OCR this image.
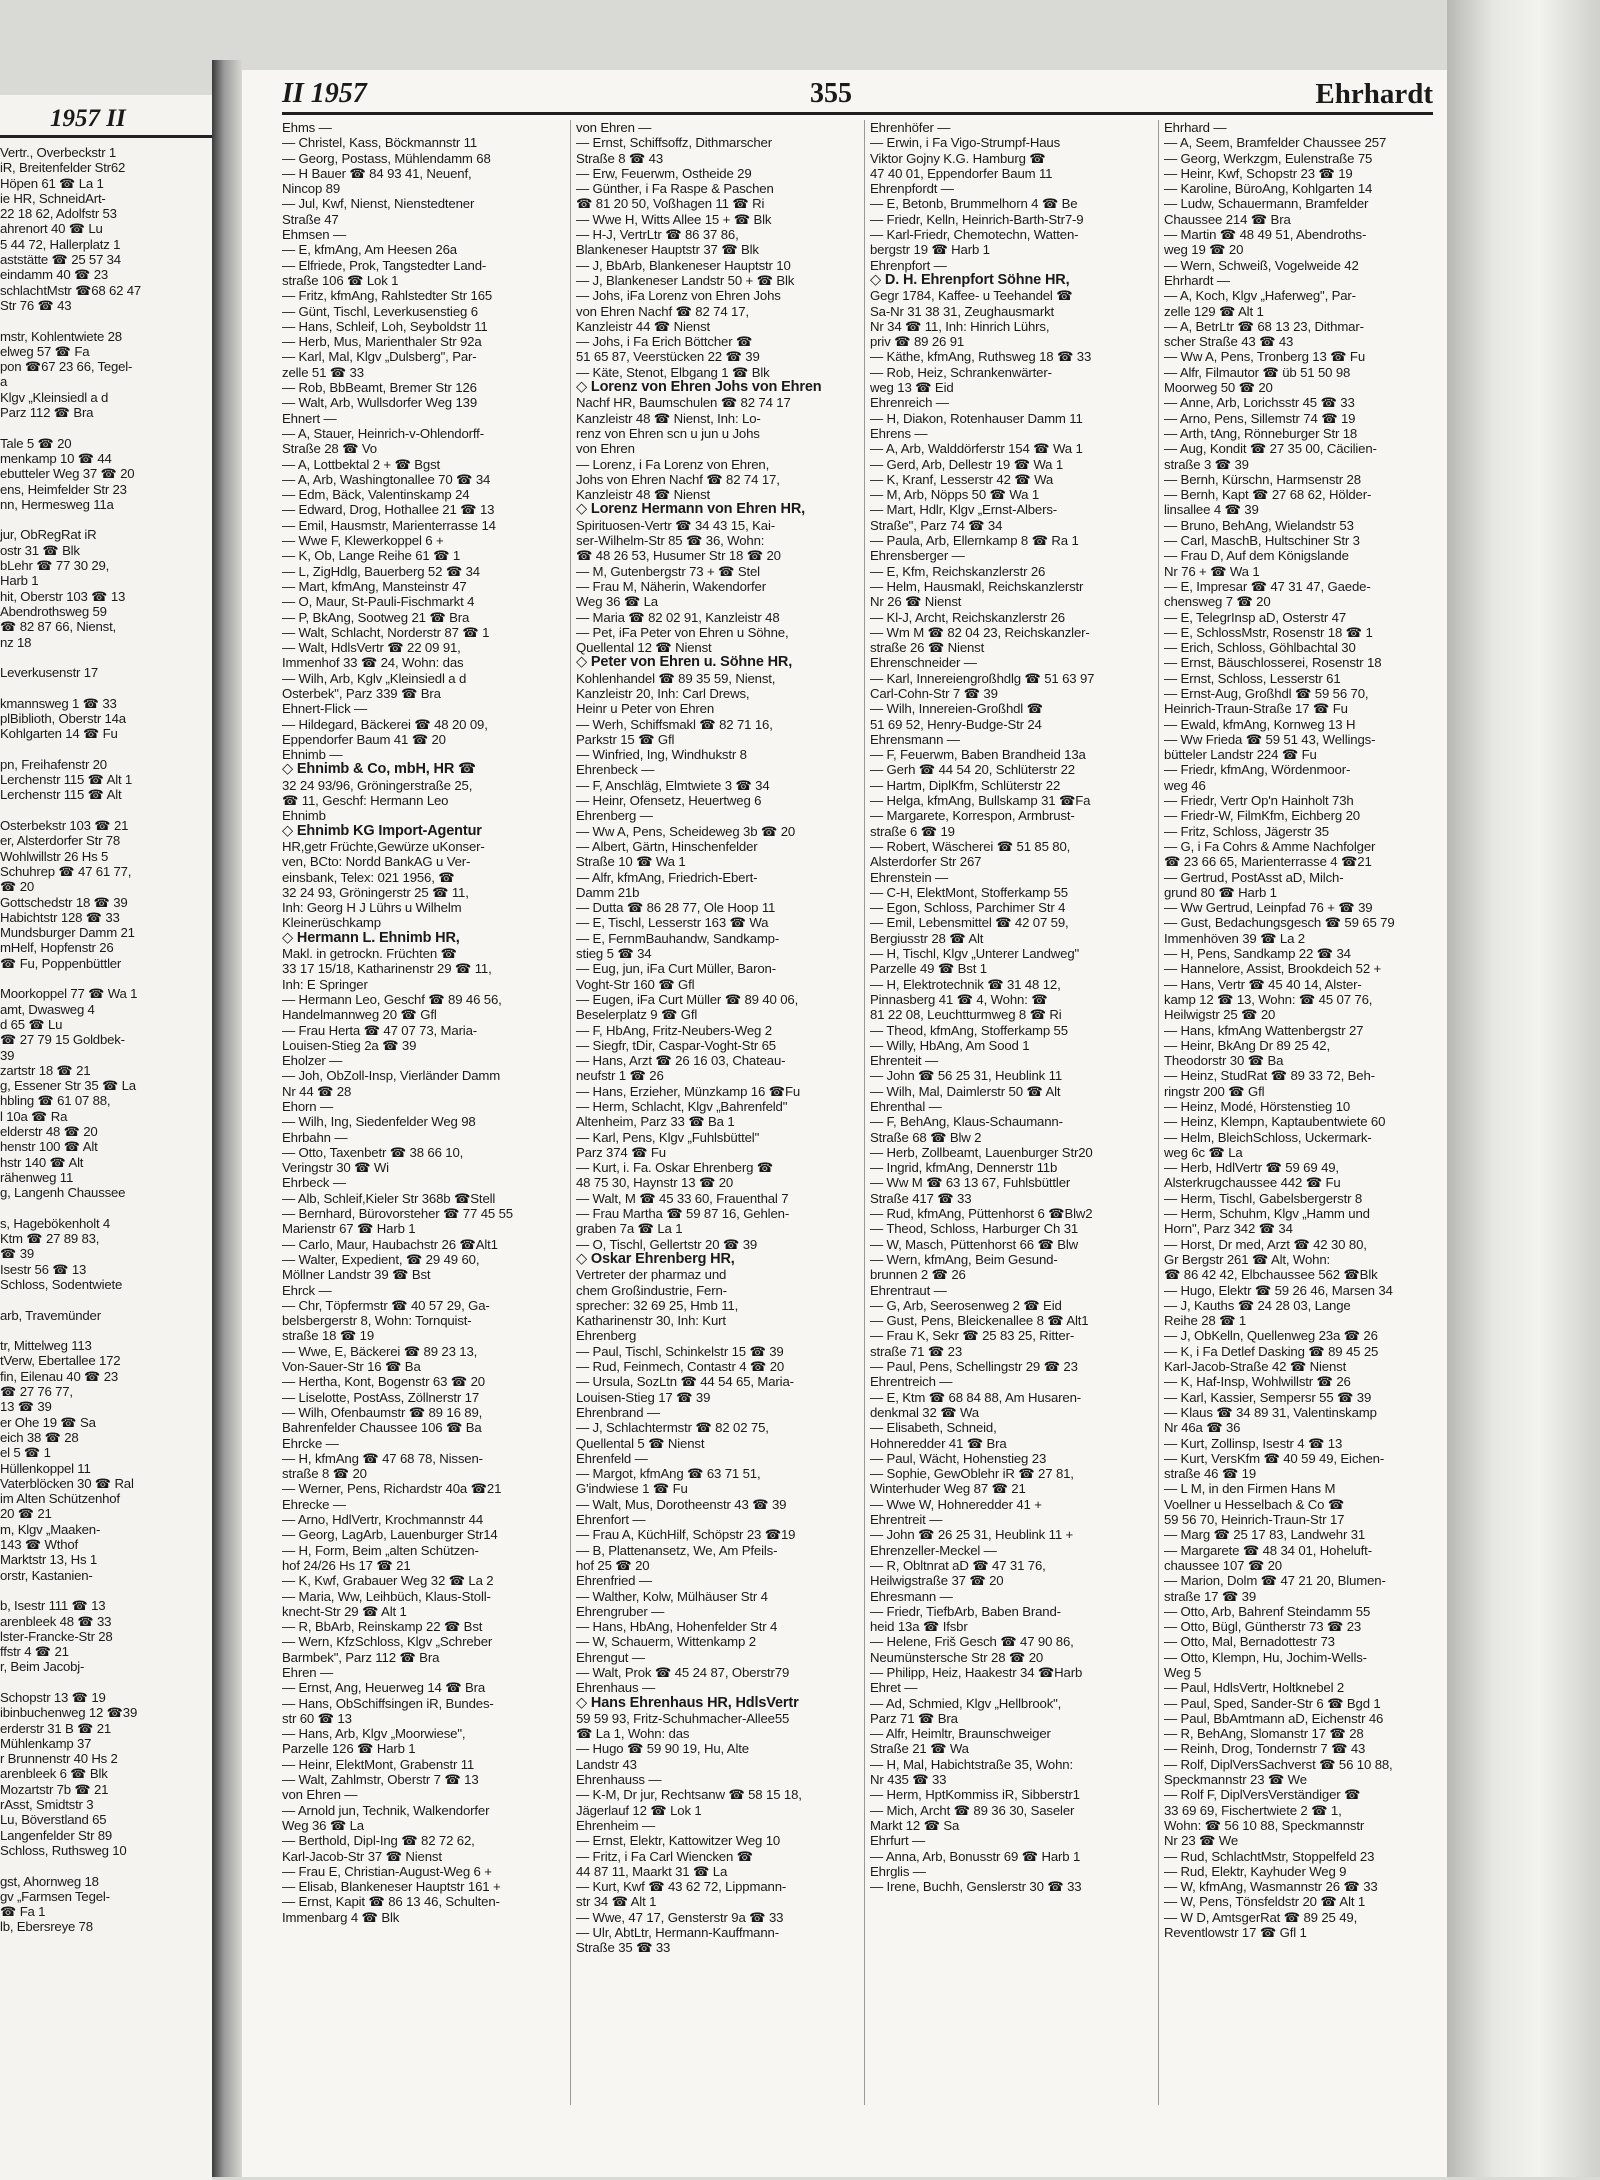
1957 II
Vertr., Overbeckstr 1
iR, Breitenfelder Str62
Höpen 61 ☎ La 1
ie HR, SchneidArt-
22 18 62, Adolfstr 53
ahrenort 40 ☎ Lu
5 44 72, Hallerplatz 1
aststätte ☎ 25 57 34
eindamm 40 ☎ 23
schlachtMstr ☎68 62 47
Str 76 ☎ 43

mstr, Kohlentwiete 28
elweg 57 ☎ Fa
pon ☎67 23 66, Tegel-
a
Klgv „Kleinsiedl a d
Parz 112 ☎ Bra

Tale 5 ☎ 20
menkamp 10 ☎ 44
ebutteler Weg 37 ☎ 20
ens, Heimfelder Str 23
nn, Hermesweg 11a

jur, ObRegRat iR
ostr 31 ☎ Blk
bLehr ☎ 77 30 29,
Harb 1
hit, Oberstr 103 ☎ 13
Abendrothsweg 59
☎ 82 87 66, Nienst,
nz 18

Leverkusenstr 17

kmannsweg 1 ☎ 33
plBiblioth, Oberstr 14a
Kohlgarten 14 ☎ Fu

pn, Freihafenstr 20
Lerchenstr 115 ☎ Alt 1
Lerchenstr 115 ☎ Alt

Osterbekstr 103 ☎ 21
er, Alsterdorfer Str 78
Wohlwillstr 26 Hs 5
Schuhrep ☎ 47 61 77,
☎ 20
Gottschedstr 18 ☎ 39
Habichtstr 128 ☎ 33
Mundsburger Damm 21
mHelf, Hopfenstr 26
☎ Fu, Poppenbüttler

Moorkoppel 77 ☎ Wa 1
amt, Dwasweg 4
d 65 ☎ Lu
☎ 27 79 15 Goldbek-
39
zartstr 18 ☎ 21
g, Essener Str 35 ☎ La
hbling ☎ 61 07 88,
l 10a ☎ Ra
elderstr 48 ☎ 20
henstr 100 ☎ Alt
hstr 140 ☎ Alt
rähenweg 11
g, Langenh Chaussee

s, Hagebökenholt 4
Ktm ☎ 27 89 83,
☎ 39
Isestr 56 ☎ 13
Schloss, Sodentwiete

arb, Travemünder

tr, Mittelweg 113
tVerw, Ebertallee 172
fin, Eilenau 40 ☎ 23
☎ 27 76 77,
13 ☎ 39
er Ohe 19 ☎ Sa
eich 38 ☎ 28
el 5 ☎ 1
Hüllenkoppel 11
Vaterblöcken 30 ☎ Ral
im Alten Schützenhof
20 ☎ 21
m, Klgv „Maaken-
143 ☎ Wthof
Marktstr 13, Hs 1
orstr, Kastanien-

b, Isestr 111 ☎ 13
arenbleek 48 ☎ 33
lster-Francke-Str 28
ffstr 4 ☎ 21
r, Beim Jacobj-

Schopstr 13 ☎ 19
ibinbuchenweg 12 ☎39
erderstr 31 B ☎ 21
Mühlenkamp 37
r Brunnenstr 40 Hs 2
arenbleek 6 ☎ Blk
Mozartstr 7b ☎ 21
rAsst, Smidtstr 3
Lu, Böverstland 65
Langenfelder Str 89
Schloss, Ruthsweg 10

gst, Ahornweg 18
gv „Farmsen Tegel-
☎ Fa 1
lb, Ebersreye 78
II 1957	355	Ehrhardt
Ehms —
— Christel, Kass, Böckmannstr 11
— Georg, Postass, Mühlendamm 68
— H Bauer ☎ 84 93 41, Neuenf,
Nincop 89
— Jul, Kwf, Nienst, Nienstedtener
Straße 47
Ehmsen —
— E, kfmAng, Am Heesen 26a
— Elfriede, Prok, Tangstedter Land-
straße 106 ☎ Lok 1
— Fritz, kfmAng, Rahlstedter Str 165
— Günt, Tischl, Leverkusenstieg 6
— Hans, Schleif, Loh, Seyboldstr 11
— Herb, Mus, Marienthaler Str 92a
— Karl, Mal, Klgv „Dulsberg", Par-
zelle 51 ☎ 33
— Rob, BbBeamt, Bremer Str 126
— Walt, Arb, Wullsdorfer Weg 139
Ehnert —
— A, Stauer, Heinrich-v-Ohlendorff-
Straße 28 ☎ Vo
— A, Lottbektal 2 + ☎ Bgst
— A, Arb, Washingtonallee 70 ☎ 34
— Edm, Bäck, Valentinskamp 24
— Edward, Drog, Hothallee 21 ☎ 13
— Emil, Hausmstr, Marienterrasse 14
— Wwe F, Klewerkoppel 6 +
— K, Ob, Lange Reihe 61 ☎ 1
— L, ZigHdlg, Bauerberg 52 ☎ 34
— Mart, kfmAng, Mansteinstr 47
— O, Maur, St-Pauli-Fischmarkt 4
— P, BkAng, Sootweg 21 ☎ Bra
— Walt, Schlacht, Norderstr 87 ☎ 1
— Walt, HdlsVertr ☎ 22 09 91,
Immenhof 33 ☎ 24, Wohn: das
— Wilh, Arb, Kglv „Kleinsiedl a d
Osterbek", Parz 339 ☎ Bra
Ehnert-Flick —
— Hildegard, Bäckerei ☎ 48 20 09,
Eppendorfer Baum 41 ☎ 20
Ehnimb —
◇ Ehnimb & Co, mbH, HR ☎
32 24 93/96, Gröningerstraße 25,
☎ 11, Geschf: Hermann Leo
Ehnimb
◇ Ehnimb KG Import-Agentur
HR,getr Früchte,Gewürze uKonser-
ven, BCto: Nordd BankAG u Ver-
einsbank, Telex: 021 1956, ☎
32 24 93, Gröningerstr 25 ☎ 11,
Inh: Georg H J Lührs u Wilhelm
Kleinerüschkamp
◇ Hermann L. Ehnimb HR,
Makl. in getrockn. Früchten ☎
33 17 15/18, Katharinenstr 29 ☎ 11,
Inh: E Springer
— Hermann Leo, Geschf ☎ 89 46 56,
Handelmannweg 20 ☎ Gfl
— Frau Herta ☎ 47 07 73, Maria-
Louisen-Stieg 2a ☎ 39
Eholzer —
— Joh, ObZoll-Insp, Vierländer Damm
Nr 44 ☎ 28
Ehorn —
— Wilh, Ing, Siedenfelder Weg 98
Ehrbahn —
— Otto, Taxenbetr ☎ 38 66 10,
Veringstr 30 ☎ Wi
Ehrbeck —
— Alb, Schleif,Kieler Str 368b ☎Stell
— Bernhard, Bürovorsteher ☎ 77 45 55
Marienstr 67 ☎ Harb 1
— Carlo, Maur, Haubachstr 26 ☎Alt1
— Walter, Expedient, ☎ 29 49 60,
Möllner Landstr 39 ☎ Bst
Ehrck —
— Chr, Töpfermstr ☎ 40 57 29, Ga-
belsbergerstr 8, Wohn: Tornquist-
straße 18 ☎ 19
— Wwe, E, Bäckerei ☎ 89 23 13,
Von-Sauer-Str 16 ☎ Ba
— Hertha, Kont, Bogenstr 63 ☎ 20
— Liselotte, PostAss, Zöllnerstr 17
— Wilh, Ofenbaumstr ☎ 89 16 89,
Bahrenfelder Chaussee 106 ☎ Ba
Ehrcke —
— H, kfmAng ☎ 47 68 78, Nissen-
straße 8 ☎ 20
— Werner, Pens, Richardstr 40a ☎21
Ehrecke —
— Arno, HdlVertr, Krochmannstr 44
— Georg, LagArb, Lauenburger Str14
— H, Form, Beim „alten Schützen-
hof 24/26 Hs 17 ☎ 21
— K, Kwf, Grabauer Weg 32 ☎ La 2
— Maria, Ww, Leihbüch, Klaus-Stoll-
knecht-Str 29 ☎ Alt 1
— R, BbArb, Reinskamp 22 ☎ Bst
— Wern, KfzSchloss, Klgv „Schreber
Barmbek", Parz 112 ☎ Bra
Ehren —
— Ernst, Ang, Heuerweg 14 ☎ Bra
— Hans, ObSchiffsingen iR, Bundes-
str 60 ☎ 13
— Hans, Arb, Klgv „Moorwiese",
Parzelle 126 ☎ Harb 1
— Heinr, ElektMont, Grabenstr 11
— Walt, Zahlmstr, Oberstr 7 ☎ 13
von Ehren —
— Arnold jun, Technik, Walkendorfer
Weg 36 ☎ La
— Berthold, Dipl-Ing ☎ 82 72 62,
Karl-Jacob-Str 37 ☎ Nienst
— Frau E, Christian-August-Weg 6 +
— Elisab, Blankeneser Hauptstr 161 +
— Ernst, Kapit ☎ 86 13 46, Schulten-
Immenbarg 4 ☎ Blk
von Ehren —
— Ernst, Schiffsoffz, Dithmarscher
Straße 8 ☎ 43
— Erw, Feuerwm, Ostheide 29
— Günther, i Fa Raspe & Paschen
☎ 81 20 50, Voßhagen 11 ☎ Ri
— Wwe H, Witts Allee 15 + ☎ Blk
— H-J, VertrLtr ☎ 86 37 86,
Blankeneser Hauptstr 37 ☎ Blk
— J, BbArb, Blankeneser Hauptstr 10
— J, Blankeneser Landstr 50 + ☎ Blk
— Johs, iFa Lorenz von Ehren Johs
von Ehren Nachf ☎ 82 74 17,
Kanzleistr 44 ☎ Nienst
— Johs, i Fa Erich Böttcher ☎
51 65 87, Veerstücken 22 ☎ 39
— Käte, Stenot, Elbgang 1 ☎ Blk
◇ Lorenz von Ehren Johs von Ehren
Nachf HR, Baumschulen ☎ 82 74 17
Kanzleistr 48 ☎ Nienst, Inh: Lo-
renz von Ehren scn u jun u Johs
von Ehren
— Lorenz, i Fa Lorenz von Ehren,
Johs von Ehren Nachf ☎ 82 74 17,
Kanzleistr 48 ☎ Nienst
◇ Lorenz Hermann von Ehren HR,
Spirituosen-Vertr ☎ 34 43 15, Kai-
ser-Wilhelm-Str 85 ☎ 36, Wohn:
☎ 48 26 53, Husumer Str 18 ☎ 20
— M, Gutenbergstr 73 + ☎ Stel
— Frau M, Näherin, Wakendorfer
Weg 36 ☎ La
— Maria ☎ 82 02 91, Kanzleistr 48
— Pet, iFa Peter von Ehren u Söhne,
Quellental 12 ☎ Nienst
◇ Peter von Ehren u. Söhne HR,
Kohlenhandel ☎ 89 35 59, Nienst,
Kanzleistr 20, Inh: Carl Drews,
Heinr u Peter von Ehren
— Werh, Schiffsmakl ☎ 82 71 16,
Parkstr 15 ☎ Gfl
— Winfried, Ing, Windhukstr 8
Ehrenbeck —
— F, Anschläg, Elmtwiete 3 ☎ 34
— Heinr, Ofensetz, Heuertweg 6
Ehrenberg —
— Ww A, Pens, Scheideweg 3b ☎ 20
— Albert, Gärtn, Hinschenfelder
Straße 10 ☎ Wa 1
— Alfr, kfmAng, Friedrich-Ebert-
Damm 21b
— Dutta ☎ 86 28 77, Ole Hoop 11
— E, Tischl, Lesserstr 163 ☎ Wa
— E, FernmBauhandw, Sandkamp-
stieg 5 ☎ 34
— Eug, jun, iFa Curt Müller, Baron-
Voght-Str 160 ☎ Gfl
— Eugen, iFa Curt Müller ☎ 89 40 06,
Beselerplatz 9 ☎ Gfl
— F, HbAng, Fritz-Neubers-Weg 2
— Siegfr, tDir, Caspar-Voght-Str 65
— Hans, Arzt ☎ 26 16 03, Chateau-
neufstr 1 ☎ 26
— Hans, Erzieher, Münzkamp 16 ☎Fu
— Herm, Schlacht, Klgv „Bahrenfeld"
Altenheim, Parz 33 ☎ Ba 1
— Karl, Pens, Klgv „Fuhlsbüttel"
Parz 374 ☎ Fu
— Kurt, i. Fa. Oskar Ehrenberg ☎
48 75 30, Haynstr 13 ☎ 20
— Walt, M ☎ 45 33 60, Frauenthal 7
— Frau Martha ☎ 59 87 16, Gehlen-
graben 7a ☎ La 1
— O, Tischl, Gellertstr 20 ☎ 39
◇ Oskar Ehrenberg HR,
Vertreter der pharmaz und
chem Großindustrie, Fern-
sprecher: 32 69 25, Hmb 11,
Katharinenstr 30, Inh: Kurt
Ehrenberg
— Paul, Tischl, Schinkelstr 15 ☎ 39
— Rud, Feinmech, Contastr 4 ☎ 20
— Ursula, SozLtn ☎ 44 54 65, Maria-
Louisen-Stieg 17 ☎ 39
Ehrenbrand —
— J, Schlachtermstr ☎ 82 02 75,
Quellental 5 ☎ Nienst
Ehrenfeld —
— Margot, kfmAng ☎ 63 71 51,
G'indwiese 1 ☎ Fu
— Walt, Mus, Dorotheenstr 43 ☎ 39
Ehrenfort —
— Frau A, KüchHilf, Schöpstr 23 ☎19
— B, Plattenansetz, We, Am Pfeils-
hof 25 ☎ 20
Ehrenfried —
— Walther, Kolw, Mülhäuser Str 4
Ehrengruber —
— Hans, HbAng, Hohenfelder Str 4
— W, Schauerm, Wittenkamp 2
Ehrengut —
— Walt, Prok ☎ 45 24 87, Oberstr79
Ehrenhaus —
◇ Hans Ehrenhaus HR, HdlsVertr
59 59 93, Fritz-Schuhmacher-Allee55
☎ La 1, Wohn: das
— Hugo ☎ 59 90 19, Hu, Alte
Landstr 43
Ehrenhauss —
— K-M, Dr jur, Rechtsanw ☎ 58 15 18,
Jägerlauf 12 ☎ Lok 1
Ehrenheim —
— Ernst, Elektr, Kattowitzer Weg 10
— Fritz, i Fa Carl Wiencken ☎
44 87 11, Maarkt 31 ☎ La
— Kurt, Kwf ☎ 43 62 72, Lippmann-
str 34 ☎ Alt 1
— Wwe, 47 17, Gensterstr 9a ☎ 33
— Ulr, AbtLtr, Hermann-Kauffmann-
Straße 35 ☎ 33
Ehrenhöfer —
— Erwin, i Fa Vigo-Strumpf-Haus
Viktor Gojny K.G. Hamburg ☎
47 40 01, Eppendorfer Baum 11
Ehrenpfordt —
— E, Betonb, Brummelhorn 4 ☎ Be
— Friedr, Kelln, Heinrich-Barth-Str7-9
— Karl-Friedr, Chemotechn, Watten-
bergstr 19 ☎ Harb 1
Ehrenpfort —
◇ D. H. Ehrenpfort Söhne HR,
Gegr 1784, Kaffee- u Teehandel ☎
Sa-Nr 31 38 31, Zeughausmarkt
Nr 34 ☎ 11, Inh: Hinrich Lührs,
priv ☎ 89 26 91
— Käthe, kfmAng, Ruthsweg 18 ☎ 33
— Rob, Heiz, Schrankenwärter-
weg 13 ☎ Eid
Ehrenreich —
— H, Diakon, Rotenhauser Damm 11
Ehrens —
— A, Arb, Walddörferstr 154 ☎ Wa 1
— Gerd, Arb, Dellestr 19 ☎ Wa 1
— K, Kranf, Lesserstr 42 ☎ Wa
— M, Arb, Nöpps 50 ☎ Wa 1
— Mart, Hdlr, Klgv „Ernst-Albers-
Straße", Parz 74 ☎ 34
— Paula, Arb, Ellernkamp 8 ☎ Ra 1
Ehrensberger —
— E, Kfm, Reichskanzlerstr 26
— Helm, Hausmakl, Reichskanzlerstr
Nr 26 ☎ Nienst
— Kl-J, Archt, Reichskanzlerstr 26
— Wm M ☎ 82 04 23, Reichskanzler-
straße 26 ☎ Nienst
Ehrenschneider —
— Karl, Innereiengroßhdlg ☎ 51 63 97
Carl-Cohn-Str 7 ☎ 39
— Wilh, Innereien-Großhdl ☎
51 69 52, Henry-Budge-Str 24
Ehrensmann —
— F, Feuerwm, Baben Brandheid 13a
— Gerh ☎ 44 54 20, Schlüterstr 22
— Hartm, DiplKfm, Schlüterstr 22
— Helga, kfmAng, Bullskamp 31 ☎Fa
— Margarete, Korrespon, Armbrust-
straße 6 ☎ 19
— Robert, Wäscherei ☎ 51 85 80,
Alsterdorfer Str 267
Ehrenstein —
— C-H, ElektMont, Stofferkamp 55
— Egon, Schloss, Parchimer Str 4
— Emil, Lebensmittel ☎ 42 07 59,
Bergiusstr 28 ☎ Alt
— H, Tischl, Klgv „Unterer Landweg"
Parzelle 49 ☎ Bst 1
— H, Elektrotechnik ☎ 31 48 12,
Pinnasberg 41 ☎ 4, Wohn: ☎
81 22 08, Leuchtturmweg 8 ☎ Ri
— Theod, kfmAng, Stofferkamp 55
— Willy, HbAng, Am Sood 1
Ehrenteit —
— John ☎ 56 25 31, Heublink 11
— Wilh, Mal, Daimlerstr 50 ☎ Alt
Ehrenthal —
— F, BehAng, Klaus-Schaumann-
Straße 68 ☎ Blw 2
— Herb, Zollbeamt, Lauenburger Str20
— Ingrid, kfmAng, Dennerstr 11b
— Ww M ☎ 63 13 67, Fuhlsbüttler
Straße 417 ☎ 33
— Rud, kfmAng, Püttenhorst 6 ☎Blw2
— Theod, Schloss, Harburger Ch 31
— W, Masch, Püttenhorst 66 ☎ Blw
— Wern, kfmAng, Beim Gesund-
brunnen 2 ☎ 26
Ehrentraut —
— G, Arb, Seerosenweg 2 ☎ Eid
— Gust, Pens, Bleickenallee 8 ☎ Alt1
— Frau K, Sekr ☎ 25 83 25, Ritter-
straße 71 ☎ 23
— Paul, Pens, Schellingstr 29 ☎ 23
Ehrentreich —
— E, Ktm ☎ 68 84 88, Am Husaren-
denkmal 32 ☎ Wa
— Elisabeth, Schneid,
Hohneredder 41 ☎ Bra
— Paul, Wächt, Hohenstieg 23
— Sophie, GewOblehr iR ☎ 27 81,
Winterhuder Weg 87 ☎ 21
— Wwe W, Hohneredder 41 +
Ehrentreit —
— John ☎ 26 25 31, Heublink 11 +
Ehrenzeller-Meckel —
— R, Obltnrat aD ☎ 47 31 76,
Heilwigstraße 37 ☎ 20
Ehresmann —
— Friedr, TiefbArb, Baben Brand-
heid 13a ☎ Ifsbr
— Helene, Friš Gesch ☎ 47 90 86,
Neumünstersche Str 28 ☎ 20
— Philipp, Heiz, Haakestr 34 ☎Harb
Ehret —
— Ad, Schmied, Klgv „Hellbrook",
Parz 71 ☎ Bra
— Alfr, Heimltr, Braunschweiger
Straße 21 ☎ Wa
— H, Mal, Habichtstraße 35, Wohn:
Nr 435 ☎ 33
— Herm, HptKommiss iR, Sibberstr1
— Mich, Archt ☎ 89 36 30, Saseler
Markt 12 ☎ Sa
Ehrfurt —
— Anna, Arb, Bonusstr 69 ☎ Harb 1
Ehrglis —
— Irene, Buchh, Genslerstr 30 ☎ 33
Ehrhard —
— A, Seem, Bramfelder Chaussee 257
— Georg, Werkzgm, Eulenstraße 75
— Heinr, Kwf, Schopstr 23 ☎ 19
— Karoline, BüroAng, Kohlgarten 14
— Ludw, Schauermann, Bramfelder
Chaussee 214 ☎ Bra
— Martin ☎ 48 49 51, Abendroths-
weg 19 ☎ 20
— Wern, Schweiß, Vogelweide 42
Ehrhardt —
— A, Koch, Klgv „Haferweg", Par-
zelle 129 ☎ Alt 1
— A, BetrLtr ☎ 68 13 23, Dithmar-
scher Straße 43 ☎ 43
— Ww A, Pens, Tronberg 13 ☎ Fu
— Alfr, Filmautor ☎ üb 51 50 98
Moorweg 50 ☎ 20
— Anne, Arb, Lorichsstr 45 ☎ 33
— Arno, Pens, Sillemstr 74 ☎ 19
— Arth, tAng, Rönneburger Str 18
— Aug, Kondit ☎ 27 35 00, Cäcilien-
straße 3 ☎ 39
— Bernh, Kürschn, Harmsenstr 28
— Bernh, Kapt ☎ 27 68 62, Hölder-
linsallee 4 ☎ 39
— Bruno, BehAng, Wielandstr 53
— Carl, MaschB, Hultschiner Str 3
— Frau D, Auf dem Königslande
Nr 76 + ☎ Wa 1
— E, Impresar ☎ 47 31 47, Gaede-
chensweg 7 ☎ 20
— E, TelegrInsp aD, Osterstr 47
— E, SchlossMstr, Rosenstr 18 ☎ 1
— Erich, Schloss, Göhlbachtal 30
— Ernst, Bäuschlosserei, Rosenstr 18
— Ernst, Schloss, Lesserstr 61
— Ernst-Aug, Großhdl ☎ 59 56 70,
Heinrich-Traun-Straße 17 ☎ Fu
— Ewald, kfmAng, Kornweg 13 H
— Ww Frieda ☎ 59 51 43, Wellings-
bütteler Landstr 224 ☎ Fu
— Friedr, kfmAng, Wördenmoor-
weg 46
— Friedr, Vertr Op'n Hainholt 73h
— Friedr-W, FilmKfm, Eichberg 20
— Fritz, Schloss, Jägerstr 35
— G, i Fa Cohrs & Amme Nachfolger
☎ 23 66 65, Marienterrasse 4 ☎21
— Gertrud, PostAsst aD, Milch-
grund 80 ☎ Harb 1
— Ww Gertrud, Leinpfad 76 + ☎ 39
— Gust, Bedachungsgesch ☎ 59 65 79
Immenhöven 39 ☎ La 2
— H, Pens, Sandkamp 22 ☎ 34
— Hannelore, Assist, Brookdeich 52 +
— Hans, Vertr ☎ 45 40 14, Alster-
kamp 12 ☎ 13, Wohn: ☎ 45 07 76,
Heilwigstr 25 ☎ 20
— Hans, kfmAng Wattenbergstr 27
— Heinr, BkAng Dr 89 25 42,
Theodorstr 30 ☎ Ba
— Heinz, StudRat ☎ 89 33 72, Beh-
ringstr 200 ☎ Gfl
— Heinz, Modé, Hörstenstieg 10
— Heinz, Klempn, Kaptaubentwiete 60
— Helm, BleichSchloss, Uckermark-
weg 6c ☎ La
— Herb, HdlVertr ☎ 59 69 49,
Alsterkrugchaussee 442 ☎ Fu
— Herm, Tischl, Gabelsbergerstr 8
— Herm, Schuhm, Klgv „Hamm und
Horn", Parz 342 ☎ 34
— Horst, Dr med, Arzt ☎ 42 30 80,
Gr Bergstr 261 ☎ Alt, Wohn:
☎ 86 42 42, Elbchaussee 562 ☎Blk
— Hugo, Elektr ☎ 59 26 46, Marsen 34
— J, Kauths ☎ 24 28 03, Lange
Reihe 28 ☎ 1
— J, ObKelln, Quellenweg 23a ☎ 26
— K, i Fa Detlef Dasking ☎ 89 45 25
Karl-Jacob-Straße 42 ☎ Nienst
— K, Haf-Insp, Wohlwillstr ☎ 26
— Karl, Kassier, Sempersr 55 ☎ 39
— Klaus ☎ 34 89 31, Valentinskamp
Nr 46a ☎ 36
— Kurt, Zollinsp, Isestr 4 ☎ 13
— Kurt, VersKfm ☎ 40 59 49, Eichen-
straße 46 ☎ 19
— L M, in den Firmen Hans M
Voellner u Hesselbach & Co ☎
59 56 70, Heinrich-Traun-Str 17
— Marg ☎ 25 17 83, Landwehr 31
— Margarete ☎ 48 34 01, Hoheluft-
chaussee 107 ☎ 20
— Marion, Dolm ☎ 47 21 20, Blumen-
straße 17 ☎ 39
— Otto, Arb, Bahrenf Steindamm 55
— Otto, Bügl, Güntherstr 73 ☎ 23
— Otto, Mal, Bernadottestr 73
— Otto, Klempn, Hu, Jochim-Wells-
Weg 5
— Paul, HdlsVertr, Holtknebel 2
— Paul, Sped, Sander-Str 6 ☎ Bgd 1
— Paul, BbAmtmann aD, Eichenstr 46
— R, BehAng, Slomanstr 17 ☎ 28
— Reinh, Drog, Tondernstr 7 ☎ 43
— Rolf, DiplVersSachverst ☎ 56 10 88,
Speckmannstr 23 ☎ We
— Rolf F, DiplVersVerständiger ☎
33 69 69, Fischertwiete 2 ☎ 1,
Wohn: ☎ 56 10 88, Speckmannstr
Nr 23 ☎ We
— Rud, SchlachtMstr, Stoppelfeld 23
— Rud, Elektr, Kayhuder Weg 9
— W, kfmAng, Wasmannstr 26 ☎ 33
— W, Pens, Tönsfeldstr 20 ☎ Alt 1
— W D, AmtsgerRat ☎ 89 25 49,
Reventlowstr 17 ☎ Gfl 1
